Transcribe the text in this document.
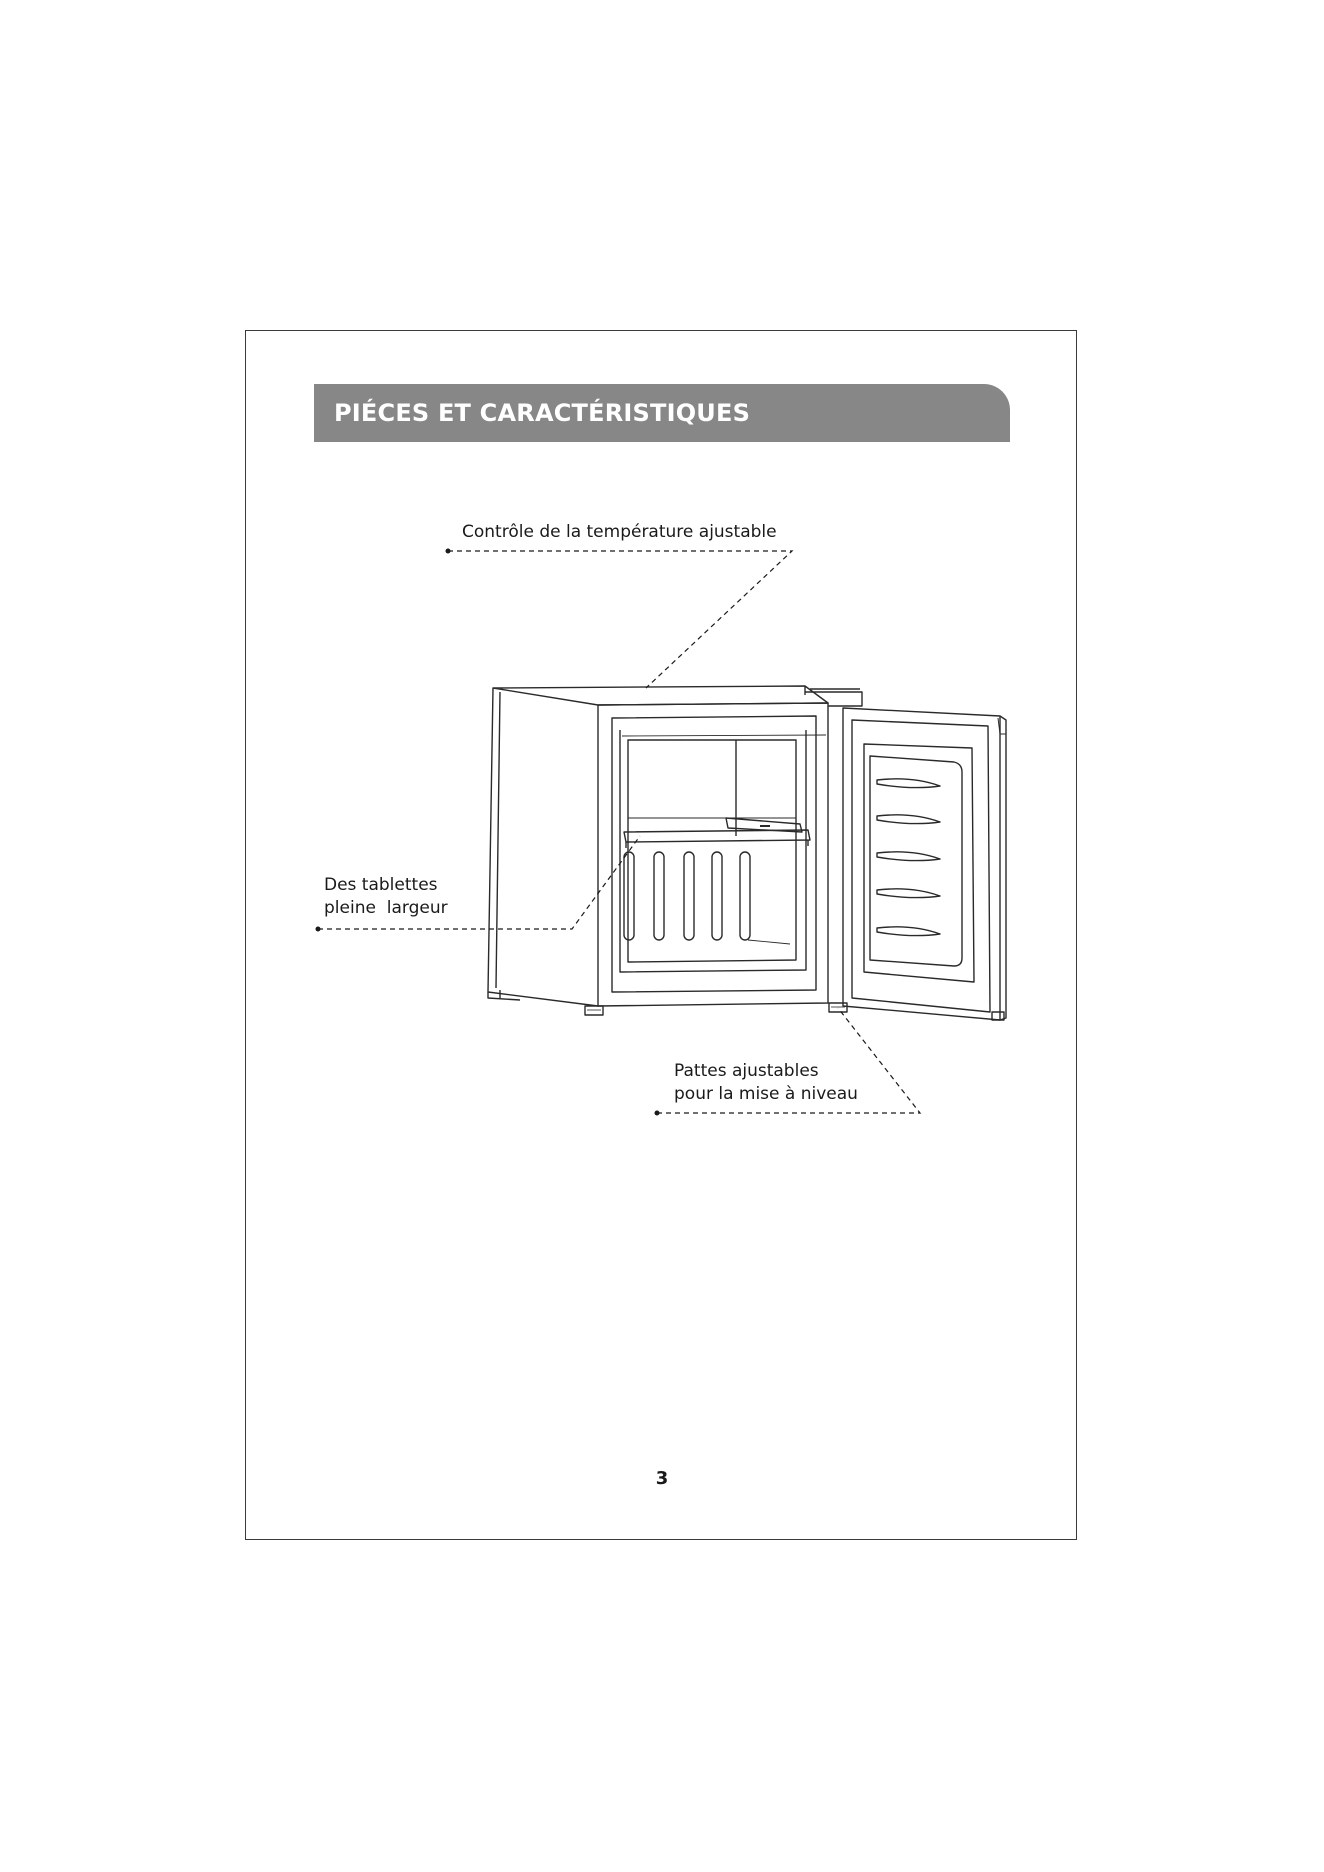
PIÉCES ET CARACTÉRISTIQUES
Contrôle de la température ajustable
Des tablettes
pleine  largeur
Pattes ajustables
pour la mise à niveau
3
